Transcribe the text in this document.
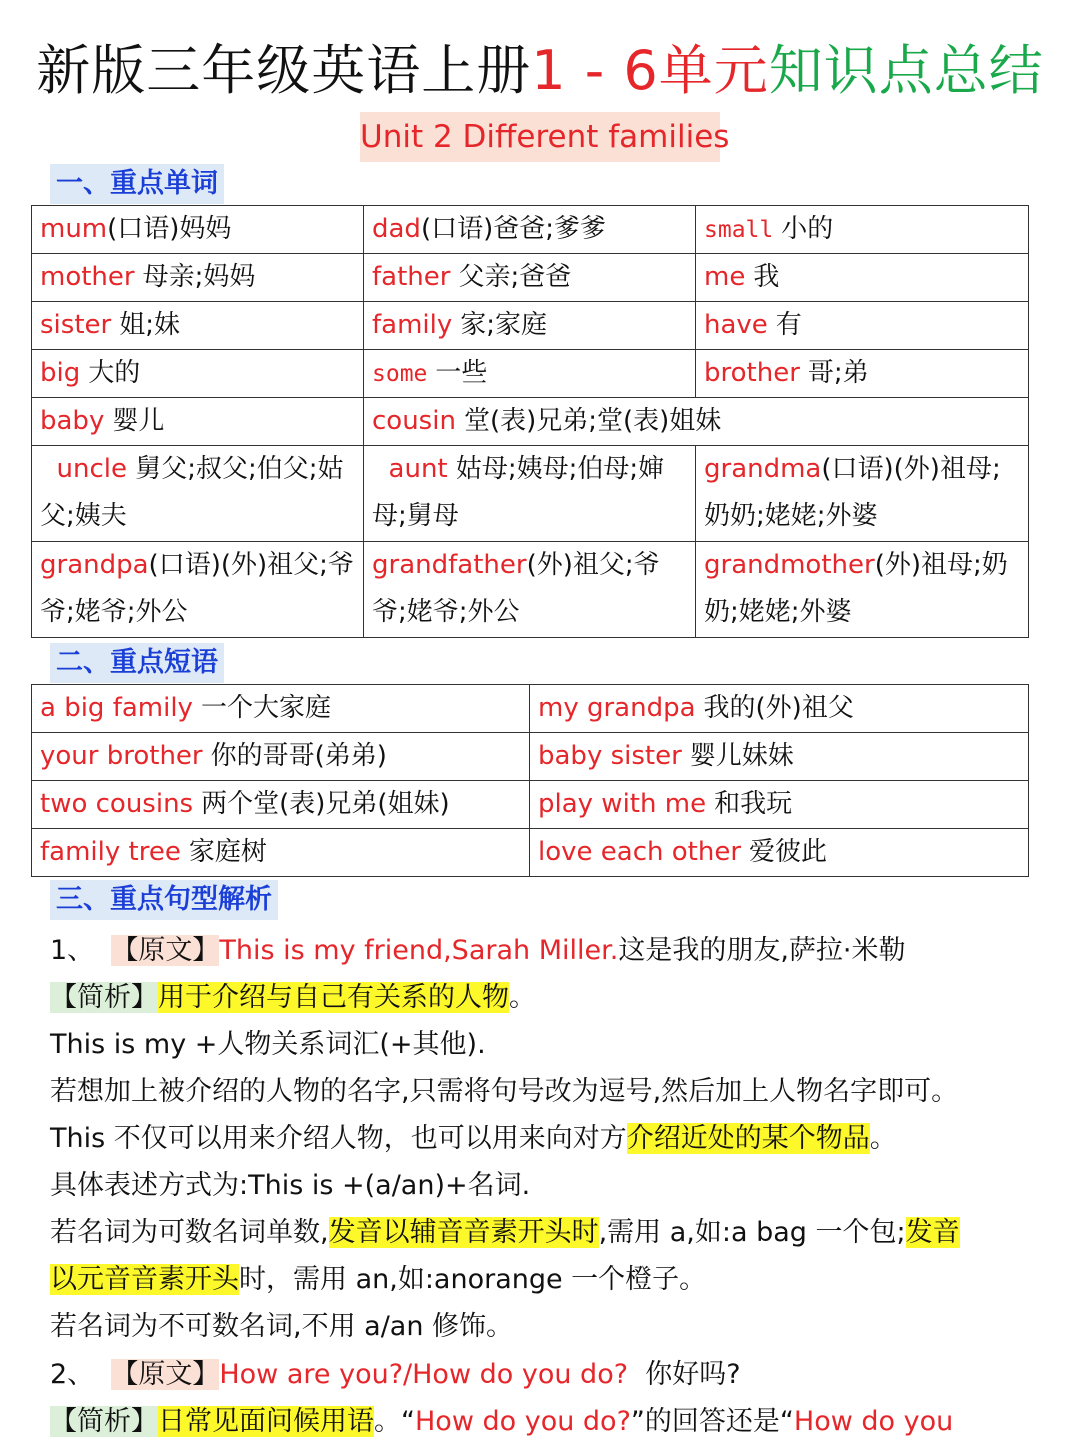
新版三年级英语上册1 - 6单元知识点总结
Unit 2 Different families
一、重点单词
mum(口语)妈妈	dad(口语)爸爸;爹爹	small 小的
mother 母亲;妈妈	father 父亲;爸爸	me 我
sister 姐;妹	family 家;家庭	have 有
big 大的	some 一些	brother 哥;弟
baby 婴儿	cousin 堂(表)兄弟;堂(表)姐妹	
uncle 舅父;叔父;伯父;姑父;姨夫	aunt 姑母;姨母;伯母;婶母;舅母	grandma(口语)(外)祖母;奶奶;姥姥;外婆
grandpa(口语)(外)祖父;爷爷;姥爷;外公	grandfather(外)祖父;爷爷;姥爷;外公	grandmother(外)祖母;奶奶;姥姥;外婆
二、重点短语
a big family 一个大家庭	my grandpa 我的(外)祖父
your brother 你的哥哥(弟弟)	baby sister 婴儿妹妹
two cousins 两个堂(表)兄弟(姐妹)	play with me 和我玩
family tree 家庭树	love each other 爱彼此
三、重点句型解析
1、 【原文】This is my friend,Sarah Miller.这是我的朋友,萨拉·米勒
【简析】用于介绍与自己有关系的人物。
This is my +人物关系词汇(+其他).
若想加上被介绍的人物的名字,只需将句号改为逗号,然后加上人物名字即可。
This 不仅可以用来介绍人物，也可以用来向对方介绍近处的某个物品。
具体表述方式为:This is +(a/an)+名词.
若名词为可数名词单数,发音以辅音音素开头时,需用 a,如:a bag 一个包;发音
以元音音素开头时，需用 an,如:anorange 一个橙子。
若名词为不可数名词,不用 a/an 修饰。
2、 【原文】How are you?/How do you do? 你好吗?
【简析】日常见面问候用语。“How do you do?”的回答还是“How do you
